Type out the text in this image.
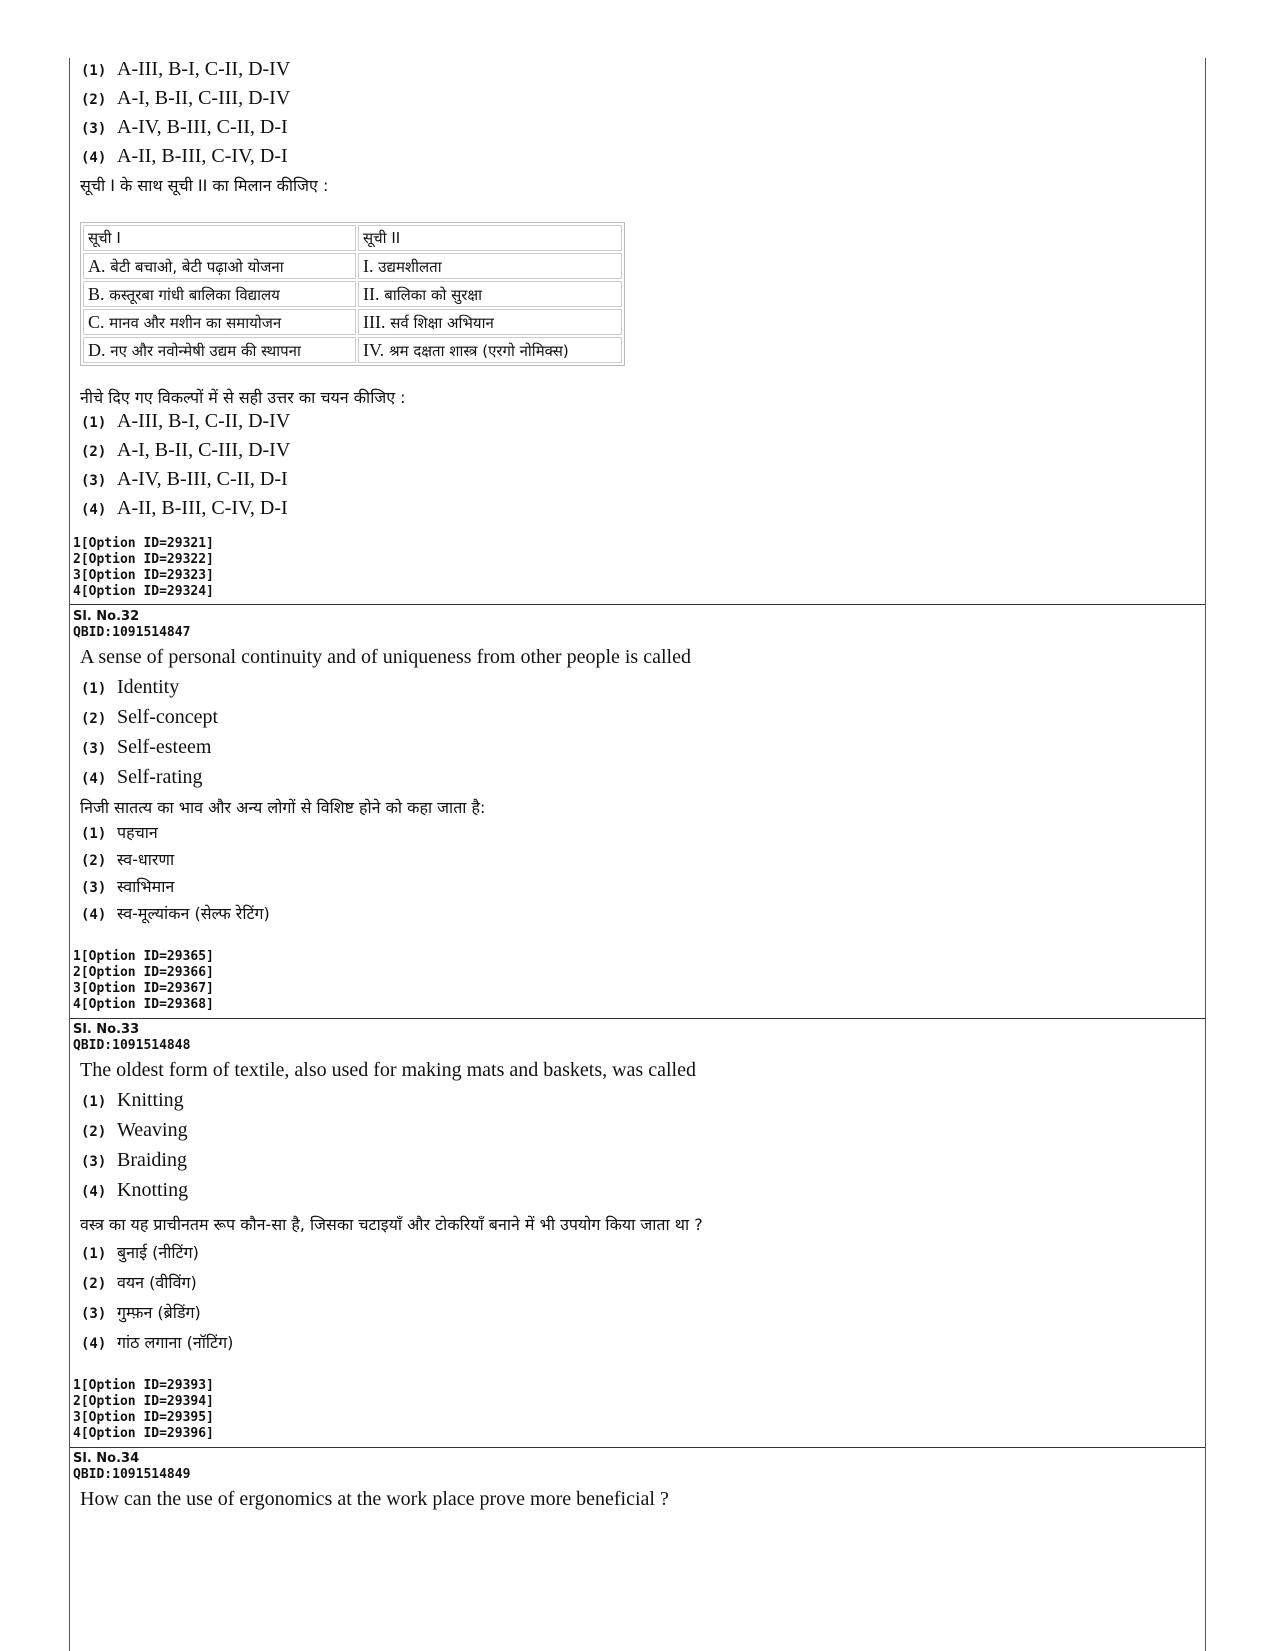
(1) A-III, B-I, C-II, D-IV
(2) A-I, B-II, C-III, D-IV
(3) A-IV, B-III, C-II, D-I
(4) A-II, B-III, C-IV, D-I
सूची I के साथ सूची II का मिलान कीजिए :
सूची I	सूची II
A. बेटी बचाओ, बेटी पढ़ाओ योजना	I. उद्यमशीलता
B. कस्तूरबा गांधी बालिका विद्यालय	II. बालिका को सुरक्षा
C. मानव और मशीन का समायोजन	III. सर्व शिक्षा अभियान
D. नए और नवोन्मेषी उद्यम की स्थापना	IV. श्रम दक्षता शास्त्र (एरगो नोमिक्स)
नीचे दिए गए विकल्पों में से सही उत्तर का चयन कीजिए :
(1) A-III, B-I, C-II, D-IV
(2) A-I, B-II, C-III, D-IV
(3) A-IV, B-III, C-II, D-I
(4) A-II, B-III, C-IV, D-I
1[Option ID=29321]
2[Option ID=29322]
3[Option ID=29323]
4[Option ID=29324]
Sl. No.32
QBID:1091514847
A sense of personal continuity and of uniqueness from other people is called
(1) Identity
(2) Self-concept
(3) Self-esteem
(4) Self-rating
निजी सातत्य का भाव और अन्य लोगों से विशिष्ट होने को कहा जाता है:
(1) पहचान
(2) स्व-धारणा
(3) स्वाभिमान
(4) स्व-मूल्यांकन (सेल्फ रेटिंग)
1[Option ID=29365]
2[Option ID=29366]
3[Option ID=29367]
4[Option ID=29368]
Sl. No.33
QBID:1091514848
The oldest form of textile, also used for making mats and baskets, was called
(1) Knitting
(2) Weaving
(3) Braiding
(4) Knotting
वस्त्र का यह प्राचीनतम रूप कौन-सा है, जिसका चटाइयाँ और टोकरियाँ बनाने में भी उपयोग किया जाता था ?
(1) बुनाई (नीटिंग)
(2) वयन (वीविंग)
(3) गुम्फ़न (ब्रेडिंग)
(4) गांठ लगाना (नॉटिंग)
1[Option ID=29393]
2[Option ID=29394]
3[Option ID=29395]
4[Option ID=29396]
Sl. No.34
QBID:1091514849
How can the use of ergonomics at the work place prove more beneficial ?
